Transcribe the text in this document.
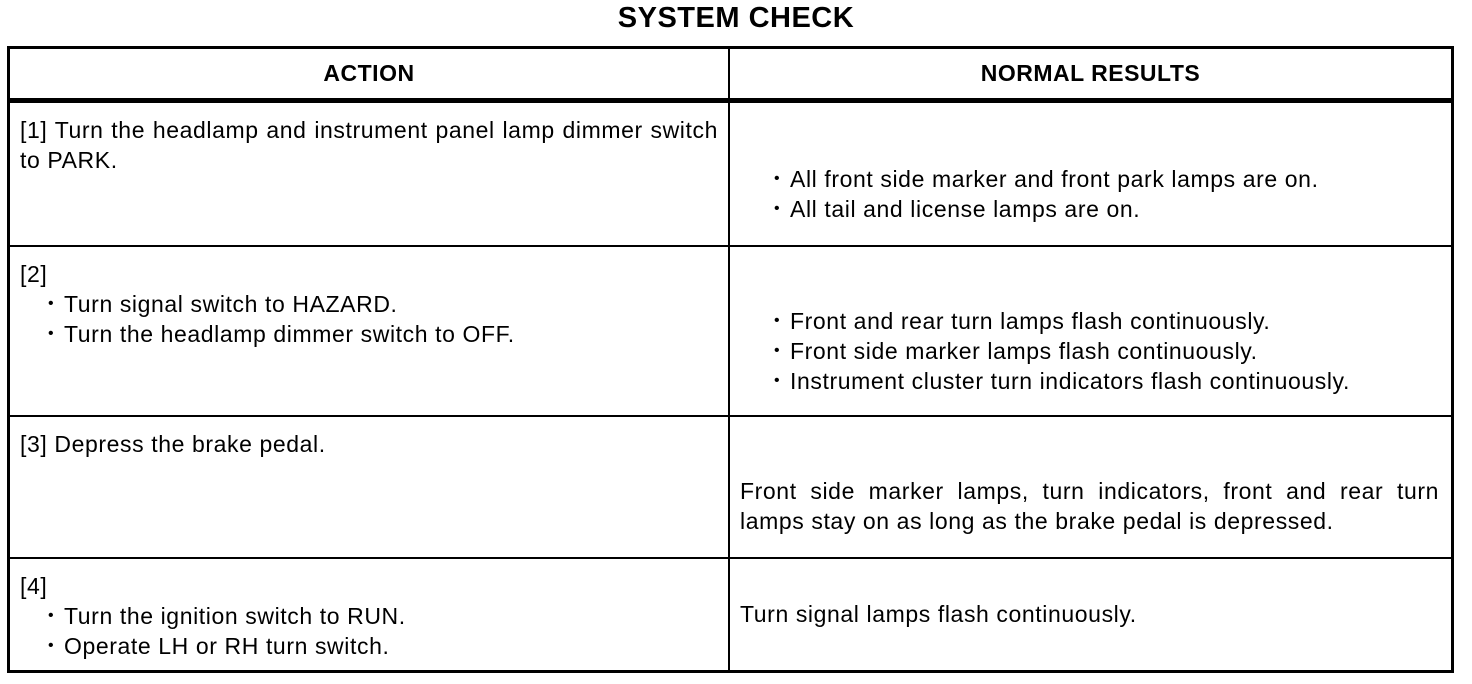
SYSTEM CHECK
ACTION	NORMAL RESULTS
[1] Turn the headlamp and instrument panel lamp dimmer switch to PARK.
• All front side marker and front park lamps are on.
• All tail and license lamps are on.
[2]
• Turn signal switch to HAZARD.
• Turn the headlamp dimmer switch to OFF.
•	Front and rear turn lamps flash continuously.
• Front side marker lamps flash continuously.
• Instrument cluster turn indicators flash continuously.
[3] Depress the brake pedal.
Front side marker lamps, turn indicators, front and rear turn lamps stay on as long as the brake pedal is depressed.
[4]
• Turn the ignition switch to RUN.
• Operate LH or RH turn switch.
Turn signal lamps flash continuously.
